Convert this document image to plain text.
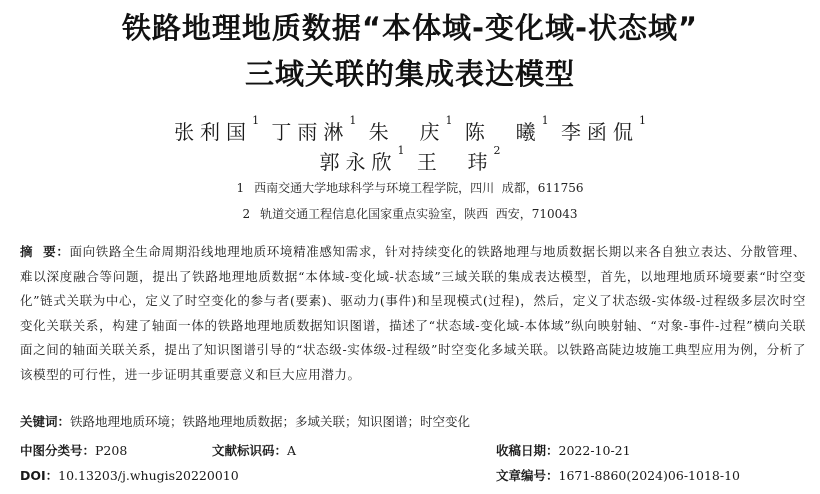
铁路地理地质数据“本体域-变化域-状态域”
三域关联的集成表达模型
张利国$^1$ 丁雨淋$^1$ 朱  庆$^1$ 陈  曦$^1$ 李函侃$^1$
郭永欣$^1$ 王  玮$^2$
1 西南交通大学地球科学与环境工程学院，四川  成都，611756
2 轨道交通工程信息化国家重点实验室，陕西  西安，710043
摘  要：面向铁路全生命周期沿线地理地质环境精准感知需求，针对持续变化的铁路地理与地质数据长期以来各自独立表达、分散管理、难以深度融合等问题，提出了铁路地理地质数据“本体域-变化域-状态域”三域关联的集成表达模型，首先，以地理地质环境要素“时空变化”链式关联为中心，定义了时空变化的参与者(要素)、驱动力(事件)和呈现模式(过程)，然后，定义了状态级-实体级-过程级多层次时空变化关联关系，构建了轴面一体的铁路地理地质数据知识图谱，描述了“状态域-变化域-本体域”纵向映射轴、“对象-事件-过程”横向关联面之间的轴面关联关系，提出了知识图谱引导的“状态级-实体级-过程级”时空变化多域关联。以铁路高陡边坡施工典型应用为例，分析了该模型的可行性，进一步证明其重要意义和巨大应用潜力。
关键词：铁路地理地质环境；铁路地理地质数据；多域关联；知识图谱；时空变化
中图分类号：P208	文献标识码：A	收稿日期：2022-10-21
DOI：10.13203/j.whugis20220010	文章编号：1671-8860(2024)06-1018-10
